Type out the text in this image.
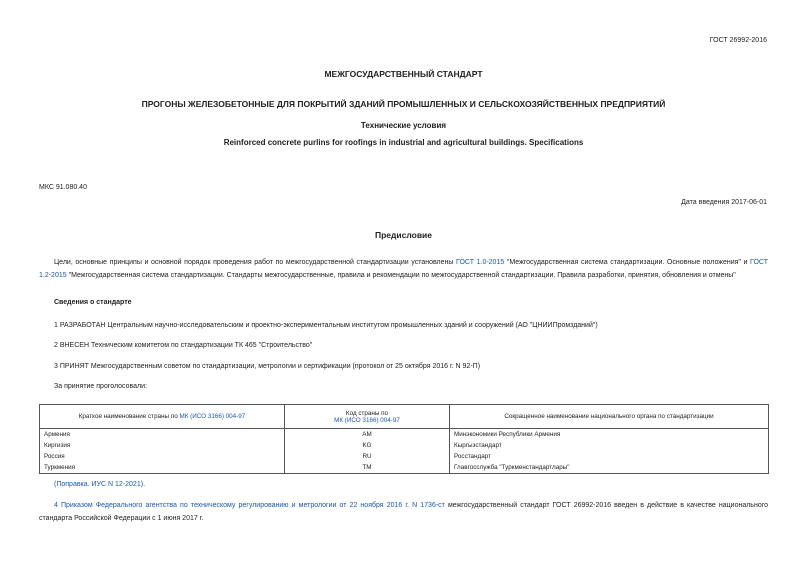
ГОСТ 26992-2016
МЕЖГОСУДАРСТВЕННЫЙ СТАНДАРТ
ПРОГОНЫ ЖЕЛЕЗОБЕТОННЫЕ ДЛЯ ПОКРЫТИЙ ЗДАНИЙ ПРОМЫШЛЕННЫХ И СЕЛЬСКОХОЗЯЙСТВЕННЫХ ПРЕДПРИЯТИЙ
Технические условия
Reinforced concrete purlins for roofings in industrial and agricultural buildings. Specifications
МКС 91.080.40
Дата введения 2017-06-01
Предисловие
Цели, основные принципы и основной порядок проведения работ по межгосударственной стандартизации установлены ГОСТ 1.0-2015 "Межгосударственная система стандартизации. Основные положения" и ГОСТ 1.2-2015 "Межгосударственная система стандартизации. Стандарты межгосударственные, правила и рекомендации по межгосударственной стандартизации. Правила разработки, принятия, обновления и отмены"
Сведения о стандарте
1 РАЗРАБОТАН Центральным научно-исследовательским и проектно-экспериментальным институтом промышленных зданий и сооружений (АО "ЦНИИПромзданий")
2 ВНЕСЕН Техническим комитетом по стандартизации ТК 465 "Строительство"
3 ПРИНЯТ Межгосударственным советом по стандартизации, метрологии и сертификации (протокол от 25 октября 2016 г. N 92-П)
За принятие проголосовали:
Краткое наименование страны по МК (ИСО 3166) 004-97	Код страны по
МК (ИСО 3166) 004-97	Сокращенное наименование национального органа по стандартизации
Армения	AM	Минэкономики Республики Армения
Киргизия	KG	Кыргызстандарт
Россия	RU	Росстандарт
Туркмения	TM	Главгосслужба "Туркменстандартлары"
(Поправка. ИУС N 12-2021).
4 Приказом Федерального агентства по техническому регулированию и метрологии от 22 ноября 2016 г. N 1736-ст межгосударственный стандарт ГОСТ 26992-2016 введен в действие в качестве национального стандарта Российской Федерации с 1 июня 2017 г.
